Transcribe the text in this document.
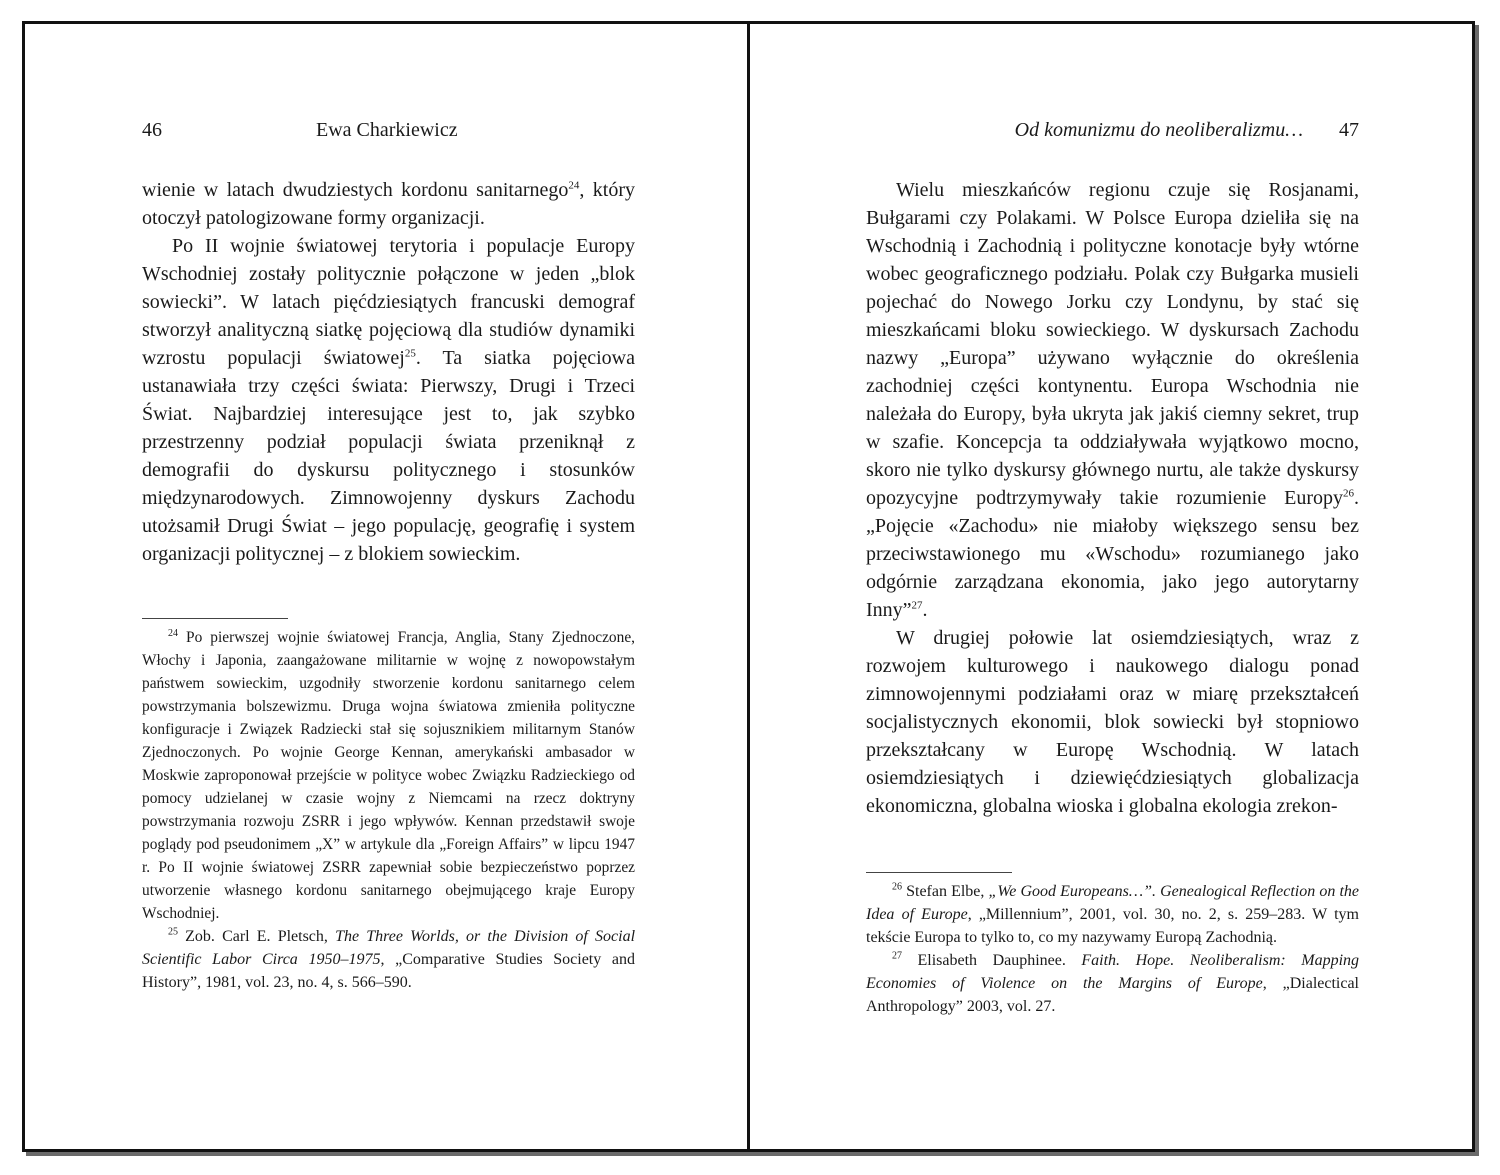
46	Ewa Charkiewicz

wienie w latach dwudziestych kordonu sanitarnego$^{24}$, który otoczył patologizowane formy organizacji.

Po II wojnie światowej terytoria i populacje Europy Wschodniej zostały politycznie połączone w jeden „blok sowiecki”. W latach pięćdziesiątych francuski demograf stworzył analityczną siatkę pojęciową dla studiów dynamiki wzrostu populacji światowej$^{25}$. Ta siatka pojęciowa ustanawiała trzy części świata: Pierwszy, Drugi i Trzeci Świat. Najbardziej interesujące jest to, jak szybko przestrzenny podział populacji świata przeniknął z demografii do dyskursu politycznego i stosunków międzynarodowych. Zimnowojenny dyskurs Zachodu utożsamił Drugi Świat – jego populację, geografię i system organizacji politycznej – z blokiem sowieckim.

$^{24}$ Po pierwszej wojnie światowej Francja, Anglia, Stany Zjednoczone, Włochy i Japonia, zaangażowane militarnie w wojnę z nowopowstałym państwem sowieckim, uzgodniły stworzenie kordonu sanitarnego celem powstrzymania bolszewizmu. Druga wojna światowa zmieniła polityczne konfiguracje i Związek Radziecki stał się sojusznikiem militarnym Stanów Zjednoczonych. Po wojnie George Kennan, amerykański ambasador w Moskwie zaproponował przejście w polityce wobec Związku Radzieckiego od pomocy udzielanej w czasie wojny z Niemcami na rzecz doktryny powstrzymania rozwoju ZSRR i jego wpływów. Kennan przedstawił swoje poglądy pod pseudonimem „X” w artykule dla „Foreign Affairs” w lipcu 1947 r. Po II wojnie światowej ZSRR zapewniał sobie bezpieczeństwo poprzez utworzenie własnego kordonu sanitarnego obejmującego kraje Europy Wschodniej.

$^{25}$ Zob. Carl E. Pletsch, The Three Worlds, or the Division of Social Scientific Labor Circa 1950–1975, „Comparative Studies Society and History”, 1981, vol. 23, no. 4, s. 566–590.

Od komunizmu do neoliberalizmu… 47

Wielu mieszkańców regionu czuje się Rosjanami, Bułgarami czy Polakami. W Polsce Europa dzieliła się na Wschodnią i Zachodnią i polityczne konotacje były wtórne wobec geograficznego podziału. Polak czy Bułgarka musieli pojechać do Nowego Jorku czy Londynu, by stać się mieszkańcami bloku sowieckiego. W dyskursach Zachodu nazwy „Europa” używano wyłącznie do określenia zachodniej części kontynentu. Europa Wschodnia nie należała do Europy, była ukryta jak jakiś ciemny sekret, trup w szafie. Koncepcja ta oddziaływała wyjątkowo mocno, skoro nie tylko dyskursy głównego nurtu, ale także dyskursy opozycyjne podtrzymywały takie rozumienie Europy$^{26}$. „Pojęcie «Zachodu» nie miałoby większego sensu bez przeciwstawionego mu «Wschodu» rozumianego jako odgórnie zarządzana ekonomia, jako jego autorytarny Inny”$^{27}$.

W drugiej połowie lat osiemdziesiątych, wraz z rozwojem kulturowego i naukowego dialogu ponad zimnowojennymi podziałami oraz w miarę przekształceń socjalistycznych ekonomii, blok sowiecki był stopniowo przekształcany w Europę Wschodnią. W latach osiemdziesiątych i dziewięćdziesiątych globalizacja ekonomiczna, globalna wioska i globalna ekologia zrekon-

$^{26}$ Stefan Elbe, „We Good Europeans…”. Genealogical Reflection on the Idea of Europe, „Millennium”, 2001, vol. 30, no. 2, s. 259–283. W tym tekście Europa to tylko to, co my nazywamy Europą Zachodnią.

$^{27}$ Elisabeth Dauphinee. Faith. Hope. Neoliberalism: Mapping Economies of Violence on the Margins of Europe, „Dialectical Anthropology” 2003, vol. 27.
